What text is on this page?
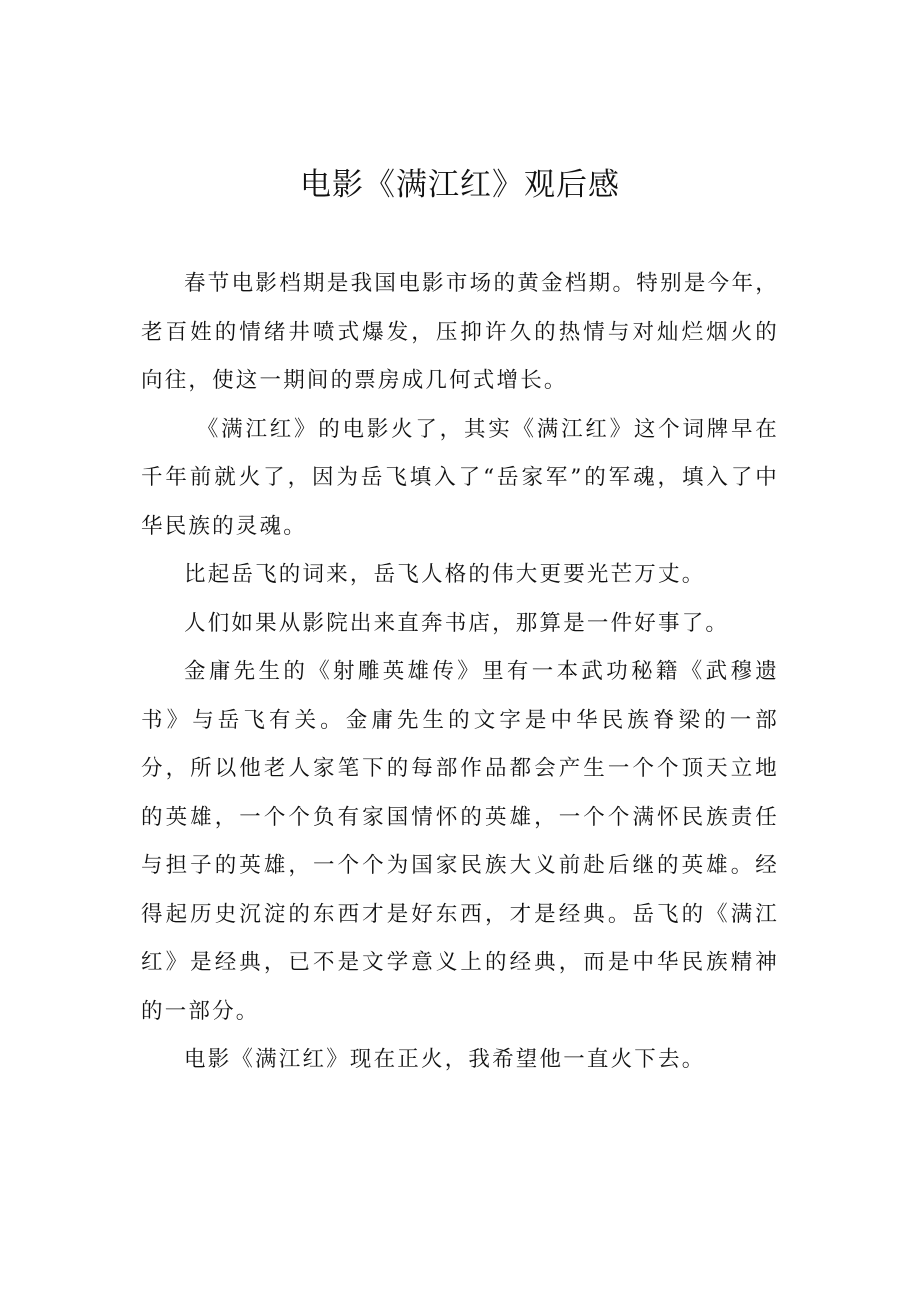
电影《满江红》观后感

春节电影档期是我国电影市场的黄金档期。特别是今年，老百姓的情绪井喷式爆发，压抑许久的热情与对灿烂烟火的向往，使这一期间的票房成几何式增长。

《满江红》的电影火了，其实《满江红》这个词牌早在千年前就火了，因为岳飞填入了“岳家军”的军魂，填入了中华民族的灵魂。

比起岳飞的词来，岳飞人格的伟大更要光芒万丈。

人们如果从影院出来直奔书店，那算是一件好事了。

金庸先生的《射雕英雄传》里有一本武功秘籍《武穆遗书》与岳飞有关。金庸先生的文字是中华民族脊梁的一部分，所以他老人家笔下的每部作品都会产生一个个顶天立地的英雄，一个个负有家国情怀的英雄，一个个满怀民族责任与担子的英雄，一个个为国家民族大义前赴后继的英雄。经得起历史沉淀的东西才是好东西，才是经典。岳飞的《满江红》是经典，已不是文学意义上的经典，而是中华民族精神的一部分。

电影《满江红》现在正火，我希望他一直火下去。
